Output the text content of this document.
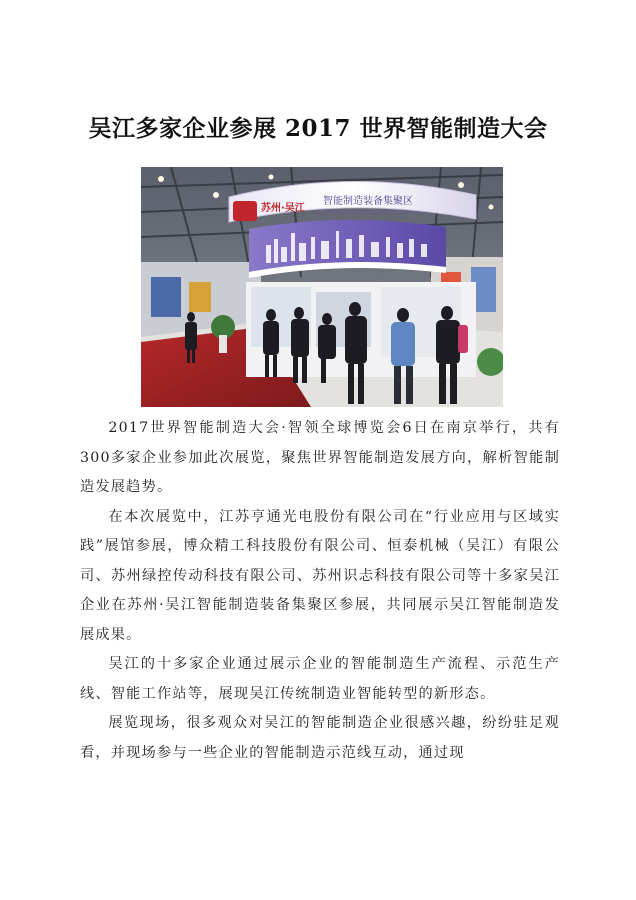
吴江多家企业参展 2017 世界智能制造大会
苏州·吴江
智能制造装备集聚区
Intelligent manufacturing equipment gathering area

2017世界智能制造大会·智领全球博览会6日在南京举行，共有300多家企业参加此次展览，聚焦世界智能制造发展方向，解析智能制造发展趋势。

在本次展览中，江苏亨通光电股份有限公司在“行业应用与区域实践”展馆参展，博众精工科技股份有限公司、恒泰机械（吴江）有限公司、苏州绿控传动科技有限公司、苏州识忐科技有限公司等十多家吴江企业在苏州·吴江智能制造装备集聚区参展，共同展示吴江智能制造发展成果。

吴江的十多家企业通过展示企业的智能制造生产流程、示范生产线、智能工作站等，展现吴江传统制造业智能转型的新形态。

展览现场，很多观众对吴江的智能制造企业很感兴趣，纷纷驻足观看，并现场参与一些企业的智能制造示范线互动，通过现
